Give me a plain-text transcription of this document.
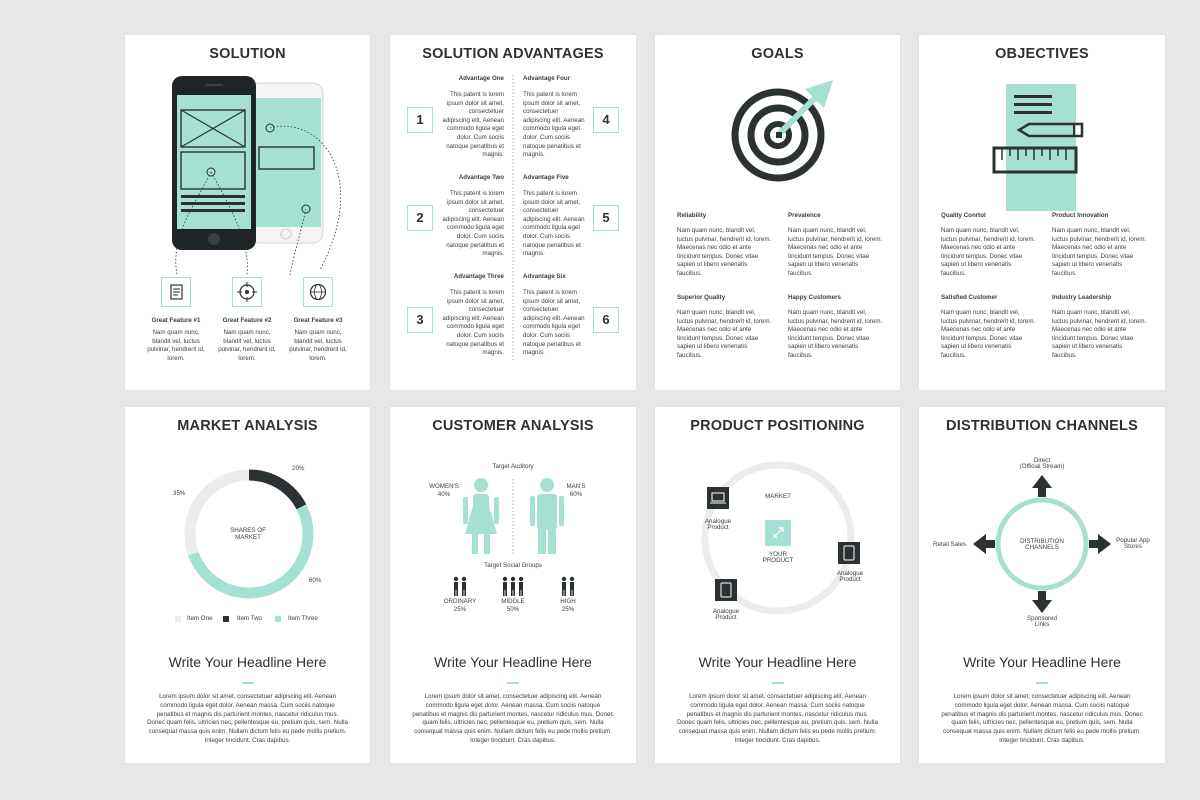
SOLUTION
Great Feature #1	Great Feature #2	Great Feature #3
Nam quam nunc, blandit vel, luctus pulvinar, hendrerit id, lorem.
Nam quam nunc, blandit vel, luctus pulvinar, hendrerit id, lorem.
Nam quam nunc, blandit vel, luctus pulvinar, hendrerit id, lorem.
SOLUTION ADVANTAGES
1
2
3
4
5
6
Advantage One
This patent is lorem ipsum dolor sit amet, consectetuer adipiscing elit. Aenean commodo ligula eget dolor. Cum sociis natoque penatibus et magnis.
Advantage Two
This patent is lorem ipsum dolor sit amet, consectetuer adipiscing elit. Aenean commodo ligula eget dolor. Cum sociis natoque penatibus et magnis.
Advantage Three
This patent is lorem ipsum dolor sit amet, consectetuer adipiscing elit. Aenean commodo ligula eget dolor. Cum sociis natoque penatibus et magnis.
Advantage Four
This patent is lorem ipsum dolor sit amet, consectetuer adipiscing elit. Aenean commodo ligula eget dolor. Cum sociis natoque penatibus et magnis.
Advantage Five
This patent is lorem ipsum dolor sit amet, consectetuer adipiscing elit. Aenean commodo ligula eget dolor. Cum sociis natoque penatibus et magnis.
Advantage Six
This patent is lorem ipsum dolor sit amet, consectetuer adipiscing elit. Aenean commodo ligula eget dolor. Cum sociis natoque penatibus et magnis.
GOALS
Reliability	Prevalence
Superior Quality	Happy Customers
Nam quam nunc, blandit vel, luctus pulvinar, hendrerit id, lorem. Maecenas nec odio et ante tincidunt tempus. Donec vitae sapien ut libero venenatis faucibus.
Nam quam nunc, blandit vel, luctus pulvinar, hendrerit id, lorem. Maecenas nec odio et ante tincidunt tempus. Donec vitae sapien ut libero venenatis faucibus.
Nam quam nunc, blandit vel, luctus pulvinar, hendrerit id, lorem. Maecenas nec odio et ante tincidunt tempus. Donec vitae sapien ut libero venenatis faucibus.
Nam quam nunc, blandit vel, luctus pulvinar, hendrerit id, lorem. Maecenas nec odio et ante tincidunt tempus. Donec vitae sapien ut libero venenatis faucibus.
OBJECTIVES
Quality Conrtol	Product Innovation
Satisfied Customer	Industry Leadership
Nam quam nunc, blandit vel, luctus pulvinar, hendrerit id, lorem. Maecenas nec odio et ante tincidunt tempus. Donec vitae sapien ut libero venenatis faucibus.
Nam quam nunc, blandit vel, luctus pulvinar, hendrerit id, lorem. Maecenas nec odio et ante tincidunt tempus. Donec vitae sapien ut libero venenatis faucibus.
Nam quam nunc, blandit vel, luctus pulvinar, hendrerit id, lorem. Maecenas nec odio et ante tincidunt tempus. Donec vitae sapien ut libero venenatis faucibus.
Nam quam nunc, blandit vel, luctus pulvinar, hendrerit id, lorem. Maecenas nec odio et ante tincidunt tempus. Donec vitae sapien ut libero venenatis faucibus.
MARKET ANALYSIS
SHARES OF
MARKET
35%
20%
60%
Item One	Item Two	Item Three
Write Your Headline Here
Lorem ipsum dolor sit amet, consectetuer adipiscing elit. Aenean commodo ligula eget dolor. Aenean massa. Cum sociis natoque penatibus et magnis dis parturient montes, nascetur ridiculus mus. Donec quam felis, ultricies nec, pellentesque eu, pretium quis, sem. Nulla consequat massa quis enim. Nullam dictum felis eu pede mollis pretium. Integer tincidunt. Cras dapibus.
CUSTOMER ANALYSIS
Target Auditory
WOMEN'S
40%
MAN'S
60%
Target Social Groups
ORDINARY
25%
MIDDLE
50%
HIGH
25%
Write Your Headline Here
Lorem ipsum dolor sit amet, consectetuer adipiscing elit. Aenean commodo ligula eget dolor. Aenean massa. Cum sociis natoque penatibus et magnis dis parturient montes, nascetur ridiculus mus. Donec quam felis, ultricies nec, pellentesque eu, pretium quis, sem. Nulla consequat massa quis enim. Nullam dictum felis eu pede mollis pretium. Integer tincidunt. Cras dapibus.
PRODUCT POSITIONING
MARKET
YOUR
PRODUCT
Analogue
Product
Analogue
Product
Analogue
Product
Write Your Headline Here
Lorem ipsum dolor sit amet, consectetuer adipiscing elit. Aenean commodo ligula eget dolor. Aenean massa. Cum sociis natoque penatibus et magnis dis parturient montes, nascetur ridiculus mus. Donec quam felis, ultricies nec, pellentesque eu, pretium quis, sem. Nulla consequat massa quis enim. Nullam dictum felis eu pede mollis pretium. Integer tincidunt. Cras dapibus.
DISTRIBUTION CHANNELS
DISTRIBUTION
CHANNELS
Direct
(Official Stream)
Retail Sales
Popular App
Stores
Sponsored
Links
Write Your Headline Here
Lorem ipsum dolor sit amet, consectetuer adipiscing elit. Aenean commodo ligula eget dolor. Aenean massa. Cum sociis natoque penatibus et magnis dis parturient montes, nascetur ridiculus mus. Donec quam felis, ultricies nec, pellentesque eu, pretium quis, sem. Nulla consequat massa quis enim. Nullam dictum felis eu pede mollis pretium. Integer tincidunt. Cras dapibus.
